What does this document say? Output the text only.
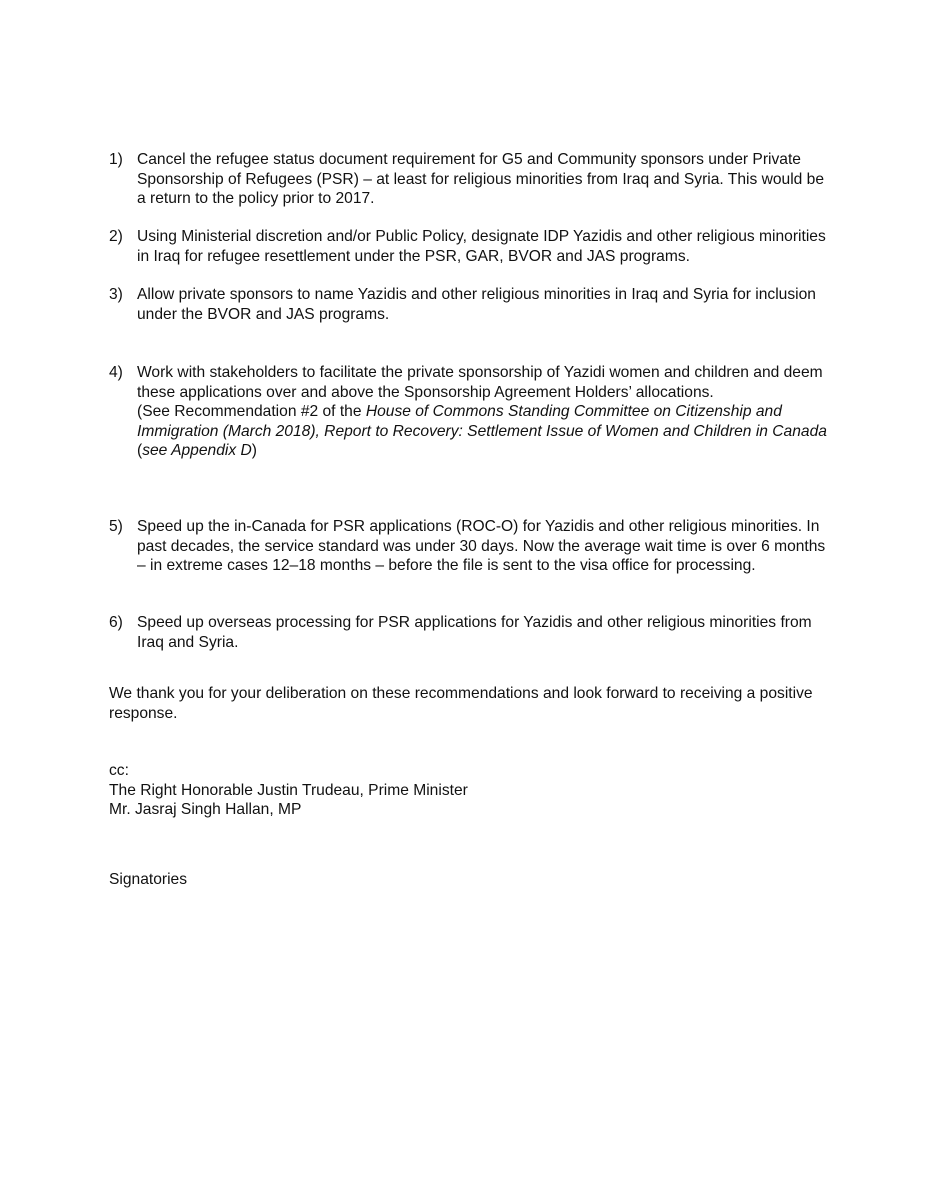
1) Cancel the refugee status document requirement for G5 and Community sponsors under Private Sponsorship of Refugees (PSR) – at least for religious minorities from Iraq and Syria. This would be a return to the policy prior to 2017.

2) Using Ministerial discretion and/or Public Policy, designate IDP Yazidis and other religious minorities in Iraq for refugee resettlement under the PSR, GAR, BVOR and JAS programs.

3) Allow private sponsors to name Yazidis and other religious minorities in Iraq and Syria for inclusion under the BVOR and JAS programs.

4) Work with stakeholders to facilitate the private sponsorship of Yazidi women and children and deem these applications over and above the Sponsorship Agreement Holders’ allocations.

(See Recommendation #2 of the House of Commons Standing Committee on Citizenship and Immigration (March 2018), Report to Recovery: Settlement Issue of Women and Children in Canada (see Appendix D)

5) Speed up the in-Canada for PSR applications (ROC-O) for Yazidis and other religious minorities. In past decades, the service standard was under 30 days. Now the average wait time is over 6 months – in extreme cases 12–18 months – before the file is sent to the visa office for processing.

6) Speed up overseas processing for PSR applications for Yazidis and other religious minorities from Iraq and Syria.

We thank you for your deliberation on these recommendations and look forward to receiving a positive response.

cc:

The Right Honorable Justin Trudeau, Prime Minister

Mr. Jasraj Singh Hallan, MP

Signatories
